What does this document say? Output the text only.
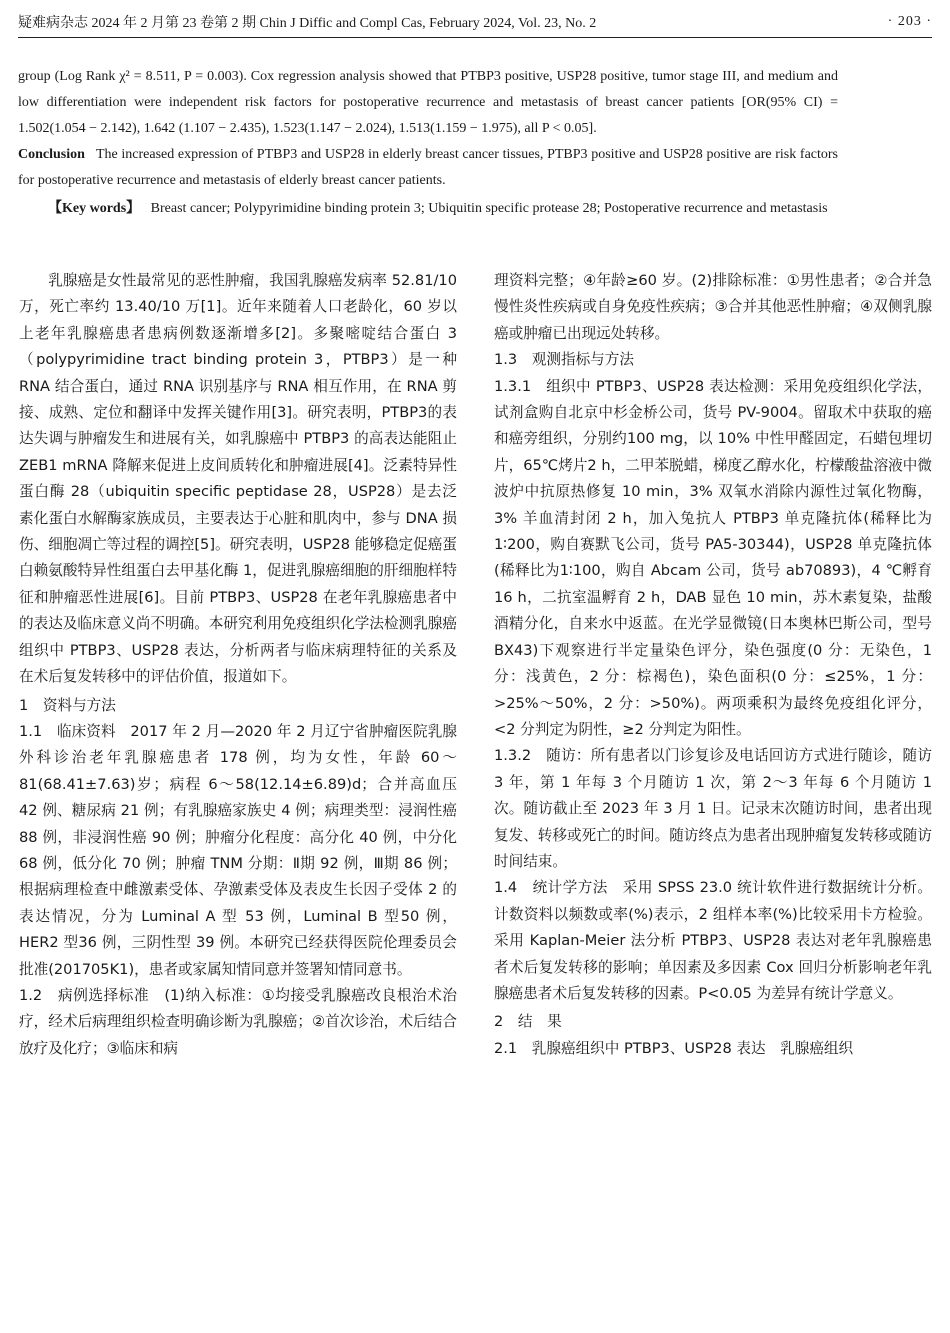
疑难病杂志 2024 年 2 月第 23 卷第 2 期 Chin J Diffic and Compl Cas, February 2024, Vol. 23, No. 2	· 203 ·

group (Log Rank χ² = 8.511, P = 0.003). Cox regression analysis showed that PTBP3 positive, USP28 positive, tumor stage III, and medium and low differentiation were independent risk factors for postoperative recurrence and metastasis of breast cancer patients [OR(95% CI) = 1.502(1.054 − 2.142), 1.642 (1.107 − 2.435), 1.523(1.147 − 2.024), 1.513(1.159 − 1.975), all P < 0.05].

Conclusion The increased expression of PTBP3 and USP28 in elderly breast cancer tissues, PTBP3 positive and USP28 positive are risk factors for postoperative recurrence and metastasis of elderly breast cancer patients.

【Key words】 Breast cancer; Polypyrimidine binding protein 3; Ubiquitin specific protease 28; Postoperative recurrence and metastasis

乳腺癌是女性最常见的恶性肿瘤，我国乳腺癌发病率 52.81/10 万，死亡率约 13.40/10 万[1]。近年来随着人口老龄化，60 岁以上老年乳腺癌患者患病例数逐渐增多[2]。多聚嘧啶结合蛋白 3（polypyrimidine tract binding protein 3，PTBP3）是一种 RNA 结合蛋白，通过 RNA 识别基序与 RNA 相互作用，在 RNA 剪接、成熟、定位和翻译中发挥关键作用[3]。研究表明，PTBP3的表达失调与肿瘤发生和进展有关，如乳腺癌中 PTBP3 的高表达能阻止 ZEB1 mRNA 降解来促进上皮间质转化和肿瘤进展[4]。泛素特异性蛋白酶 28（ubiquitin specific peptidase 28，USP28）是去泛素化蛋白水解酶家族成员，主要表达于心脏和肌肉中，参与 DNA 损伤、细胞凋亡等过程的调控[5]。研究表明，USP28 能够稳定促癌蛋白赖氨酸特异性组蛋白去甲基化酶 1，促进乳腺癌细胞的肝细胞样特征和肿瘤恶性进展[6]。目前 PTBP3、USP28 在老年乳腺癌患者中的表达及临床意义尚不明确。本研究利用免疫组织化学法检测乳腺癌组织中 PTBP3、USP28 表达，分析两者与临床病理特征的关系及在术后复发转移中的评估价值，报道如下。

1　资料与方法

1.1　临床资料　2017 年 2 月—2020 年 2 月辽宁省肿瘤医院乳腺外科诊治老年乳腺癌患者 178 例，均为女性，年龄 60～81(68.41±7.63)岁；病程 6～58(12.14±6.89)d；合并高血压 42 例、糖尿病 21 例；有乳腺癌家族史 4 例；病理类型：浸润性癌 88 例，非浸润性癌 90 例；肿瘤分化程度：高分化 40 例，中分化 68 例，低分化 70 例；肿瘤 TNM 分期：Ⅱ期 92 例，Ⅲ期 86 例；根据病理检查中雌激素受体、孕激素受体及表皮生长因子受体 2 的表达情况，分为 Luminal A 型 53 例，Luminal B 型50 例，HER2 型36 例，三阴性型 39 例。本研究已经获得医院伦理委员会批准(201705K1)，患者或家属知情同意并签署知情同意书。

1.2　病例选择标准　(1)纳入标准：①均接受乳腺癌改良根治术治疗，经术后病理组织检查明确诊断为乳腺癌；②首次诊治，术后结合放疗及化疗；③临床和病

理资料完整；④年龄≥60 岁。(2)排除标准：①男性患者；②合并急慢性炎性疾病或自身免疫性疾病；③合并其他恶性肿瘤；④双侧乳腺癌或肿瘤已出现远处转移。

1.3　观测指标与方法

1.3.1　组织中 PTBP3、USP28 表达检测：采用免疫组织化学法，试剂盒购自北京中杉金桥公司，货号 PV-9004。留取术中获取的癌和癌旁组织，分别约100 mg，以 10% 中性甲醛固定，石蜡包埋切片，65℃烤片2 h，二甲苯脱蜡，梯度乙醇水化，柠檬酸盐溶液中微波炉中抗原热修复 10 min，3% 双氧水消除内源性过氧化物酶，3% 羊血清封闭 2 h，加入兔抗人 PTBP3 单克隆抗体(稀释比为 1∶200，购自赛默飞公司，货号 PA5-30344)，USP28 单克隆抗体(稀释比为1∶100，购自 Abcam 公司，货号 ab70893)，4 ℃孵育 16 h，二抗室温孵育 2 h，DAB 显色 10 min，苏木素复染，盐酸酒精分化，自来水中返蓝。在光学显微镜(日本奥林巴斯公司，型号 BX43)下观察进行半定量染色评分，染色强度(0 分：无染色，1 分：浅黄色，2 分：棕褐色)，染色面积(0 分：≤25%，1 分：>25%～50%，2 分：>50%)。两项乘积为最终免疫组化评分，<2 分判定为阴性，≥2 分判定为阳性。

1.3.2　随访：所有患者以门诊复诊及电话回访方式进行随诊，随访 3 年，第 1 年每 3 个月随访 1 次，第 2～3 年每 6 个月随访 1 次。随访截止至 2023 年 3 月 1 日。记录末次随访时间，患者出现复发、转移或死亡的时间。随访终点为患者出现肿瘤复发转移或随访时间结束。

1.4　统计学方法　采用 SPSS 23.0 统计软件进行数据统计分析。计数资料以频数或率(%)表示，2 组样本率(%)比较采用卡方检验。采用 Kaplan-Meier 法分析 PTBP3、USP28 表达对老年乳腺癌患者术后复发转移的影响；单因素及多因素 Cox 回归分析影响老年乳腺癌患者术后复发转移的因素。P<0.05 为差异有统计学意义。

2　结　果

2.1　乳腺癌组织中 PTBP3、USP28 表达　乳腺癌组织
